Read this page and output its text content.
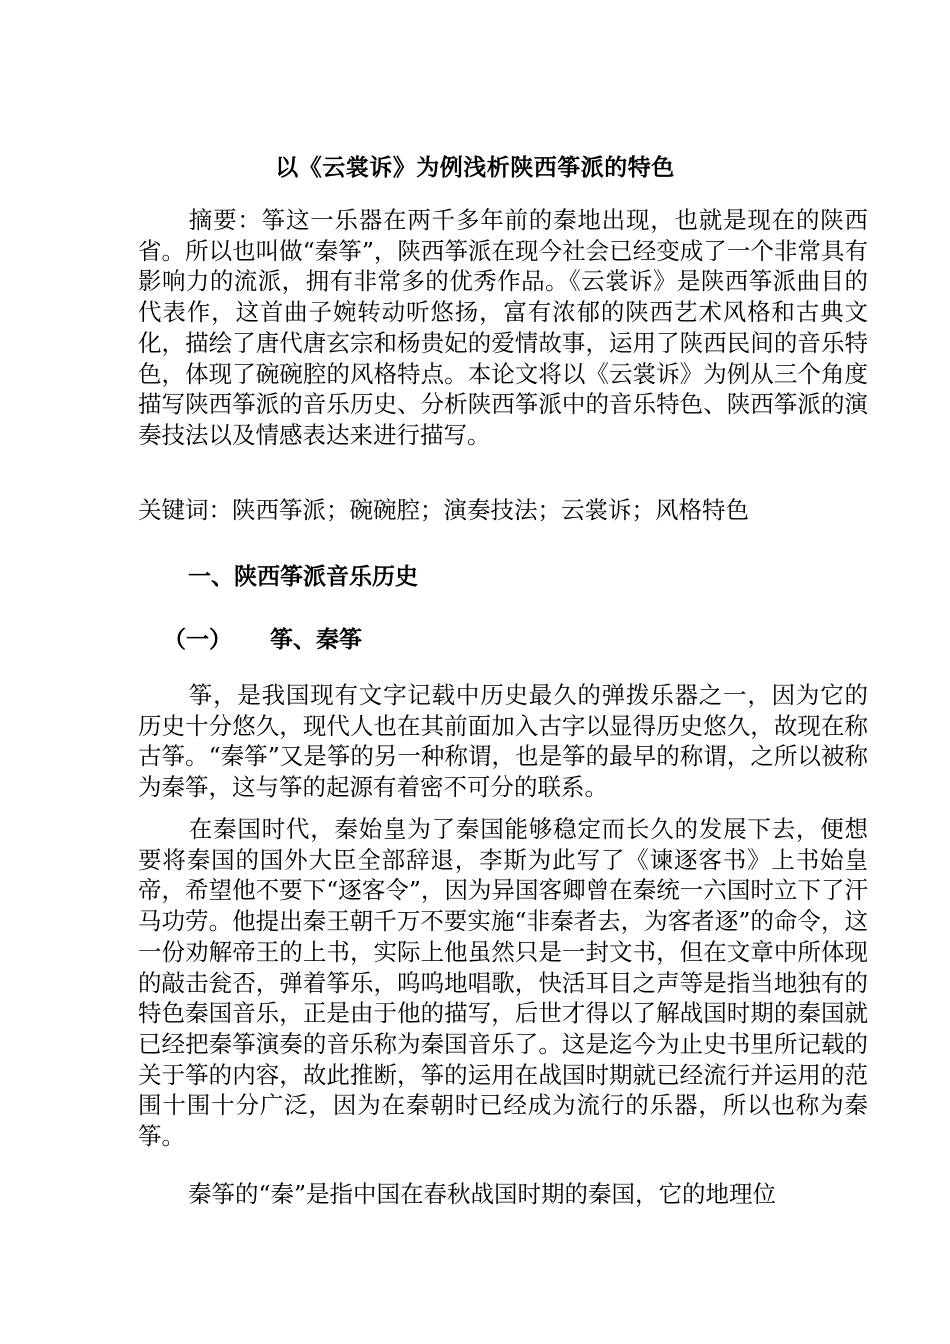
以《云裳诉》为例浅析陕西筝派的特色

摘要：筝这一乐器在两千多年前的秦地出现，也就是现在的陕西省。所以也叫做“秦筝”，陕西筝派在现今社会已经变成了一个非常具有影响力的流派，拥有非常多的优秀作品。《云裳诉》是陕西筝派曲目的代表作，这首曲子婉转动听悠扬，富有浓郁的陕西艺术风格和古典文化，描绘了唐代唐玄宗和杨贵妃的爱情故事，运用了陕西民间的音乐特色，体现了碗碗腔的风格特点。本论文将以《云裳诉》为例从三个角度描写陕西筝派的音乐历史、分析陕西筝派中的音乐特色、陕西筝派的演奏技法以及情感表达来进行描写。

关键词：陕西筝派；碗碗腔；演奏技法；云裳诉；风格特色
一、陕西筝派音乐历史
（一） 筝、秦筝

筝，是我国现有文字记载中历史最久的弹拨乐器之一，因为它的历史十分悠久，现代人也在其前面加入古字以显得历史悠久，故现在称古筝。“秦筝”又是筝的另一种称谓，也是筝的最早的称谓，之所以被称为秦筝，这与筝的起源有着密不可分的联系。

在秦国时代，秦始皇为了秦国能够稳定而长久的发展下去，便想要将秦国的国外大臣全部辞退，李斯为此写了《谏逐客书》上书始皇帝，希望他不要下“逐客令”，因为异国客卿曾在秦统一六国时立下了汗马功劳。他提出秦王朝千万不要实施“非秦者去，为客者逐”的命令，这一份劝解帝王的上书，实际上他虽然只是一封文书，但在文章中所体现的敲击瓮否，弹着筝乐，呜呜地唱歌，快活耳目之声等是指当地独有的特色秦国音乐，正是由于他的描写，后世才得以了解战国时期的秦国就已经把秦筝演奏的音乐称为秦国音乐了。这是迄今为止史书里所记载的关于筝的内容，故此推断，筝的运用在战国时期就已经流行并运用的范围十围十分广泛，因为在秦朝时已经成为流行的乐器，所以也称为秦筝。

秦筝的“秦”是指中国在春秋战国时期的秦国，它的地理位
